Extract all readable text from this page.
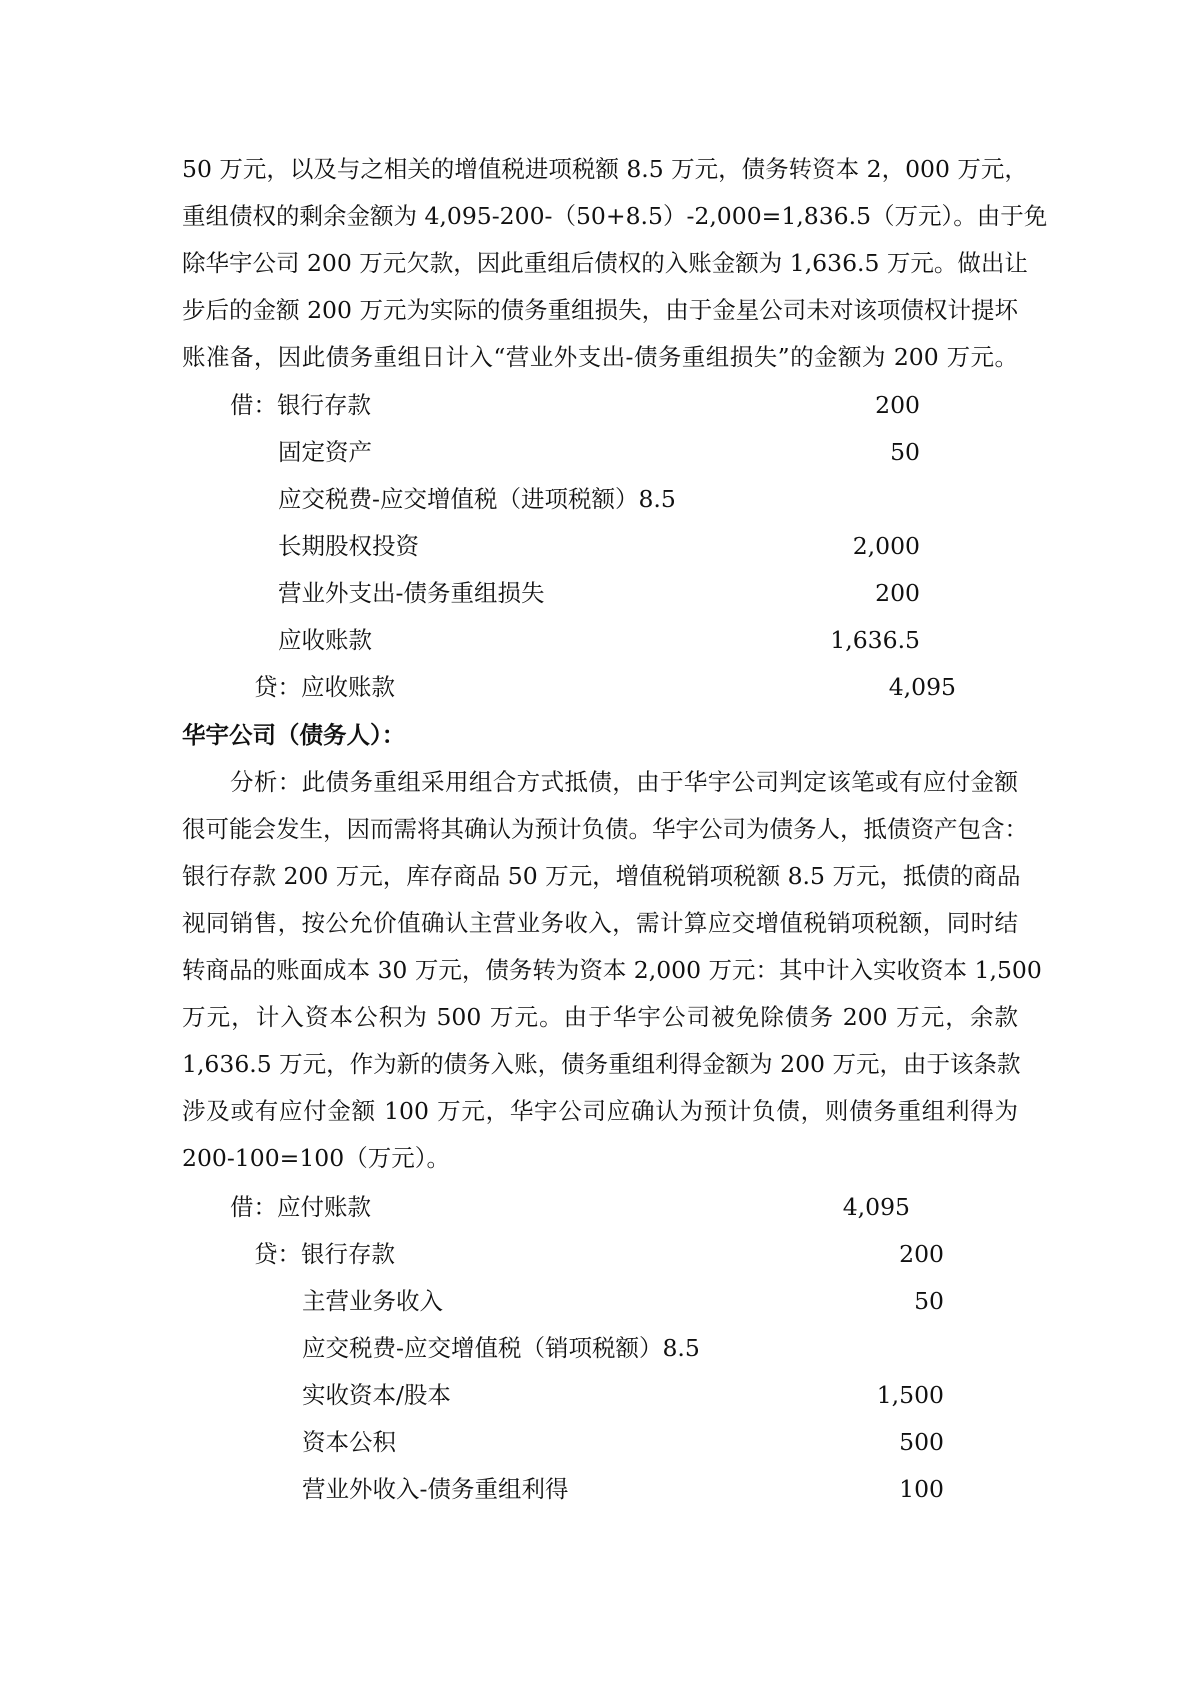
50 万元，以及与之相关的增值税进项税额 8.5 万元，债务转资本 2，000 万元，
重组债权的剩余金额为 4,095-200-（50+8.5）-2,000=1,836.5（万元）。由于免
除华宇公司 200 万元欠款，因此重组后债权的入账金额为 1,636.5 万元。做出让
步后的金额 200 万元为实际的债务重组损失，由于金星公司未对该项债权计提坏
账准备，因此债务重组日计入“营业外支出-债务重组损失”的金额为 200 万元。
借：银行存款	200
固定资产	50
应交税费-应交增值税（进项税额）8.5
长期股权投资	2,000
营业外支出-债务重组损失	200
应收账款	1,636.5
贷：应收账款	4,095
华宇公司（债务人）：
分析：此债务重组采用组合方式抵债，由于华宇公司判定该笔或有应付金额
很可能会发生，因而需将其确认为预计负债。华宇公司为债务人，抵债资产包含：
银行存款 200 万元，库存商品 50 万元，增值税销项税额 8.5 万元，抵债的商品
视同销售，按公允价值确认主营业务收入，需计算应交增值税销项税额，同时结
转商品的账面成本 30 万元，债务转为资本 2,000 万元：其中计入实收资本 1,500
万元，计入资本公积为 500 万元。由于华宇公司被免除债务 200 万元，余款
1,636.5 万元，作为新的债务入账，债务重组利得金额为 200 万元，由于该条款
涉及或有应付金额 100 万元，华宇公司应确认为预计负债，则债务重组利得为
200-100=100（万元）。
借：应付账款	4,095
贷：银行存款	200
主营业务收入	50
应交税费-应交增值税（销项税额）8.5
实收资本/股本	1,500
资本公积	500
营业外收入-债务重组利得	100
